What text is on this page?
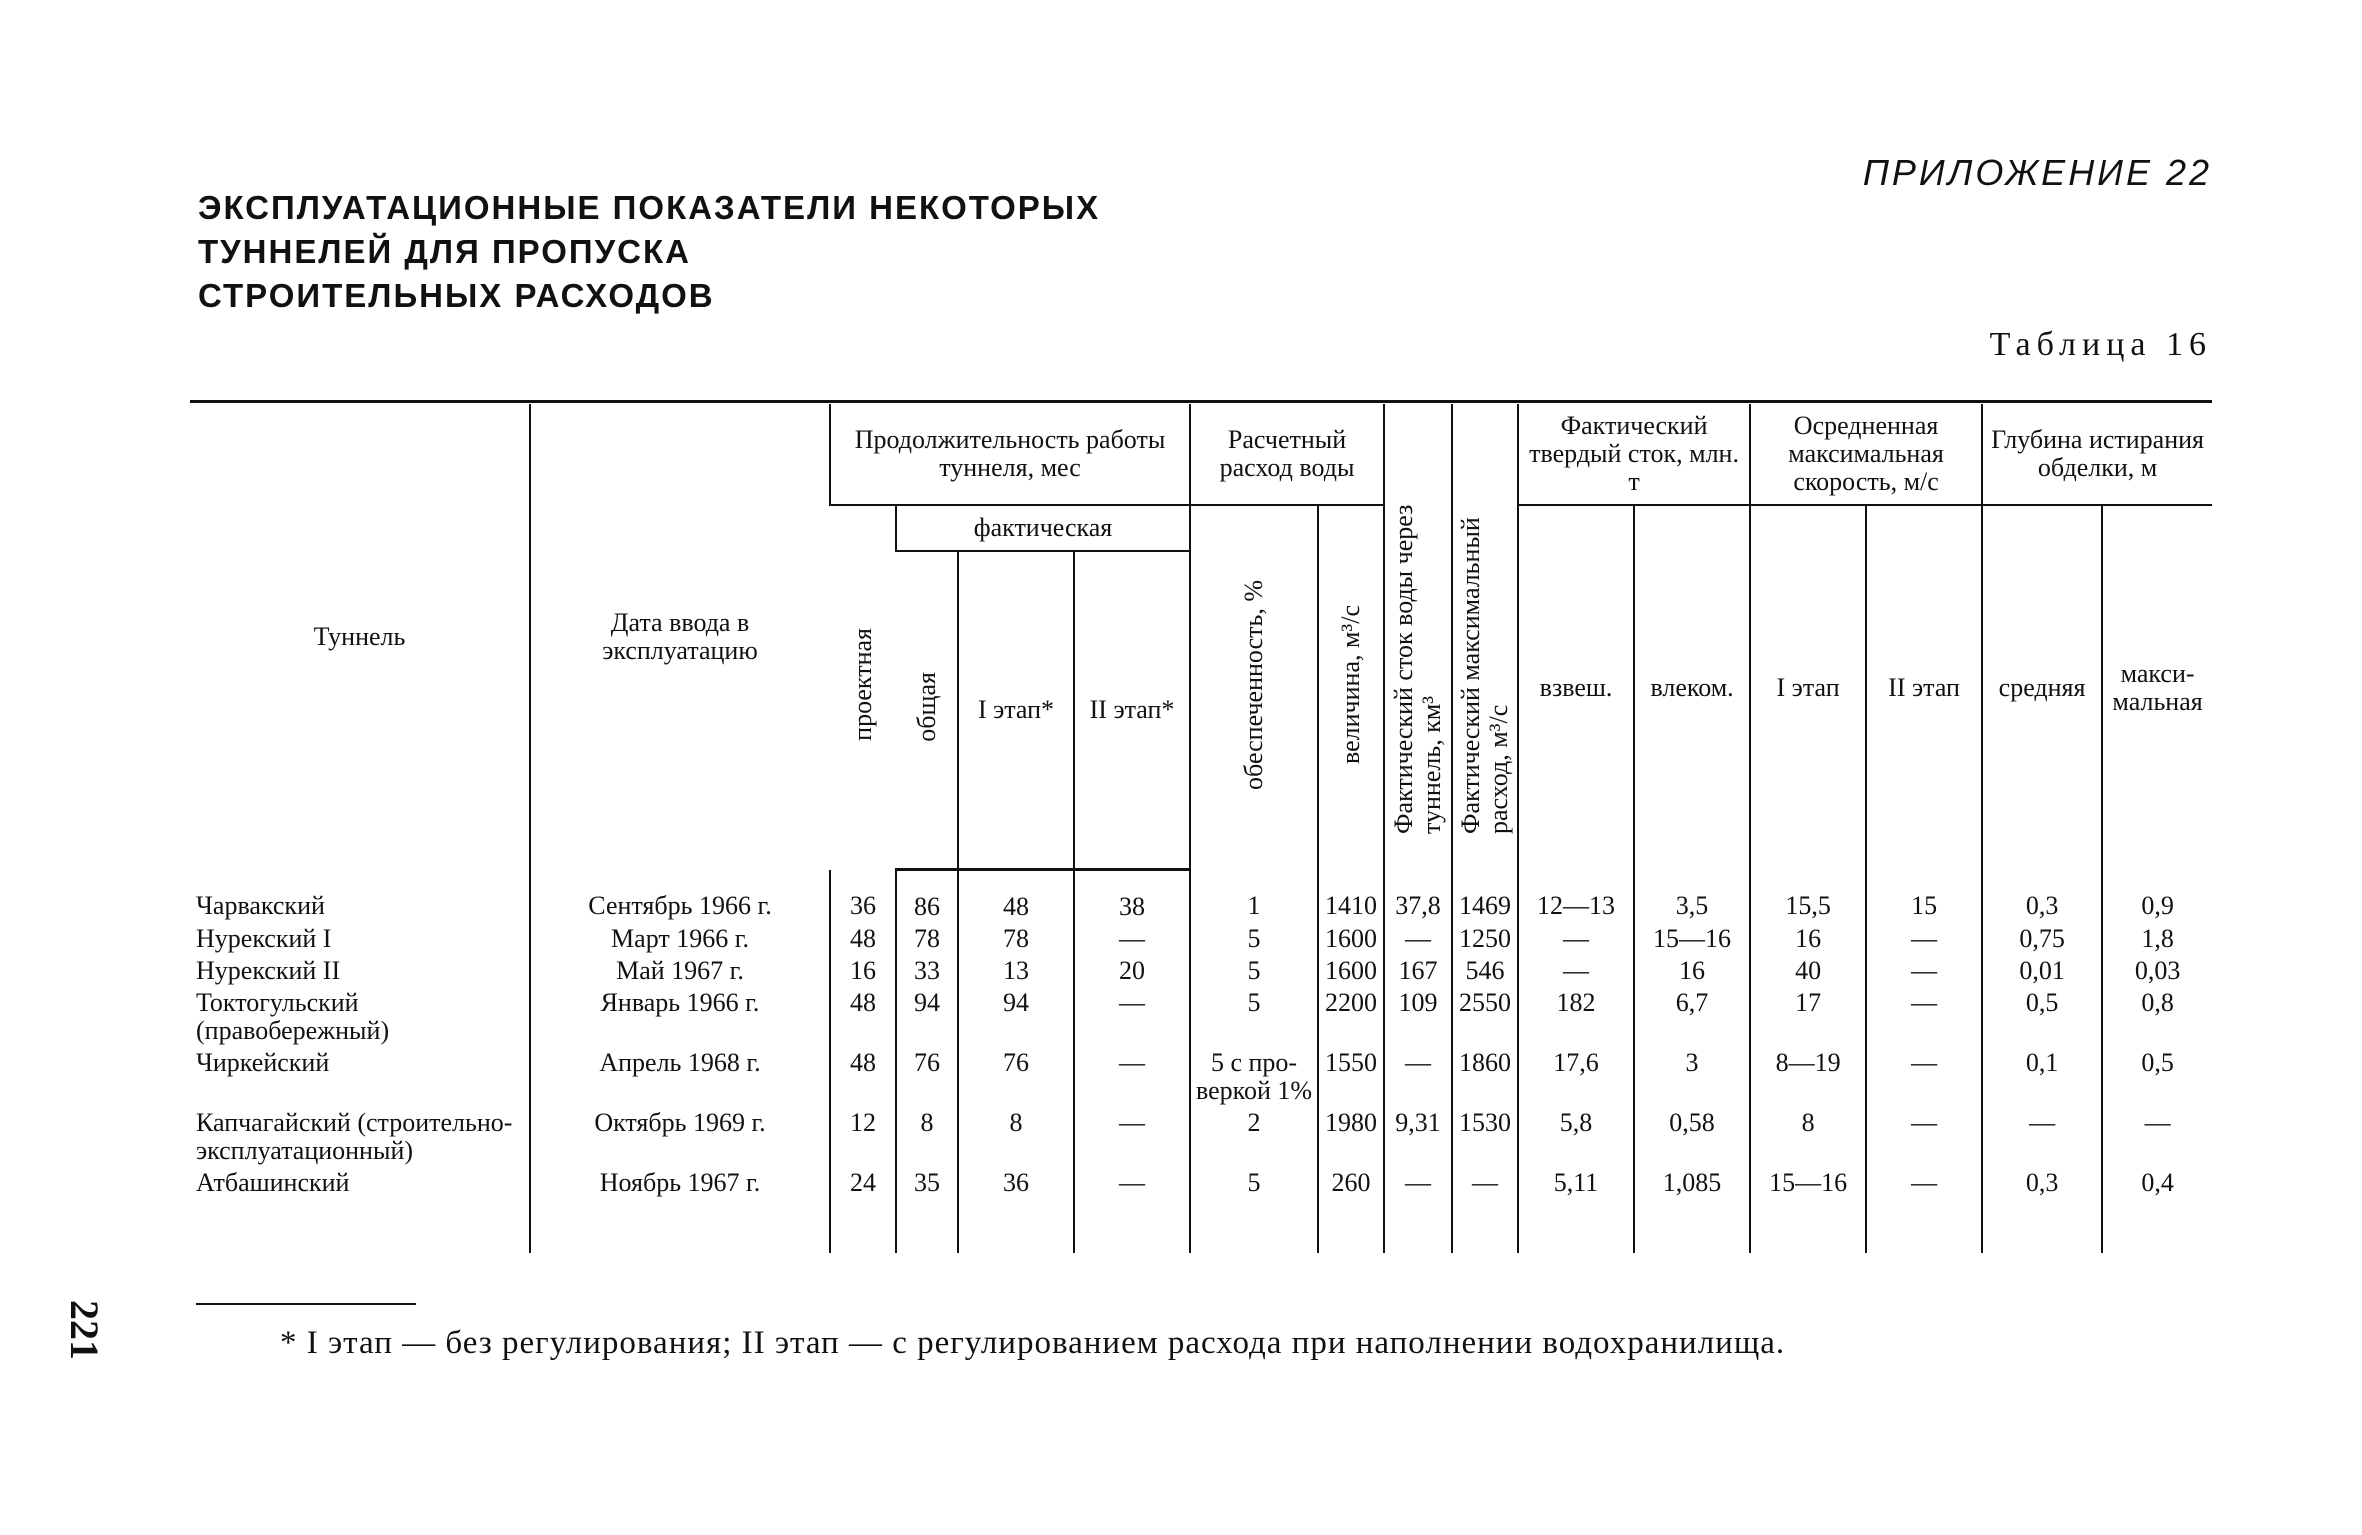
ПРИЛОЖЕНИЕ 22
ЭКСПЛУАТАЦИОННЫЕ ПОКАЗАТЕЛИ НЕКОТОРЫХ
ТУННЕЛЕЙ ДЛЯ ПРОПУСКА
СТРОИТЕЛЬНЫХ РАСХОДОВ
Таблица 16
Туннель	Дата ввода в эксплуатацию	Продолжительность работы туннеля, мес				Расчетный расход воды		Фактический сток воды через туннель, км³	Фактический максимальный расход, м³/с	Фактический твердый сток, млн. т		Осредненная максимальная скорость, м/с		Глубина истирания обделки, м	
		проектная	фактическая			обеспеченность, %	величина, м³/с			взвеш.	влеком.	I этап	II этап	средняя	макси-мальная
			общая	I этап*	II этап*										
Чарвакский	Сентябрь 1966 г.	36	86	48	38	1	1410	37,8	1469	12—13	3,5	15,5	15	0,3	0,9
Нурекский I	Март 1966 г.	48	78	78	—	5	1600	—	1250	—	15—16	16	—	0,75	1,8
Нурекский II	Май 1967 г.	16	33	13	20	5	1600	167	546	—	16	40	—	0,01	0,03
Токтогульский (правобережный)	Январь 1966 г.	48	94	94	—	5	2200	109	2550	182	6,7	17	—	0,5	0,8
Чиркейский	Апрель 1968 г.	48	76	76	—	5 с про-веркой 1%	1550	—	1860	17,6	3	8—19	—	0,1	0,5
Капчагайский (строительно-эксплуатационный)	Октябрь 1969 г.	12	8	8	—	2	1980	9,31	1530	5,8	0,58	8	—	—	—
Атбашинский	Ноябрь 1967 г.	24	35	36	—	5	260	—	—	5,11	1,085	15—16	—	0,3	0,4

221	* I этап — без регулирования; II этап — с регулированием расхода при наполнении водохранилища.
